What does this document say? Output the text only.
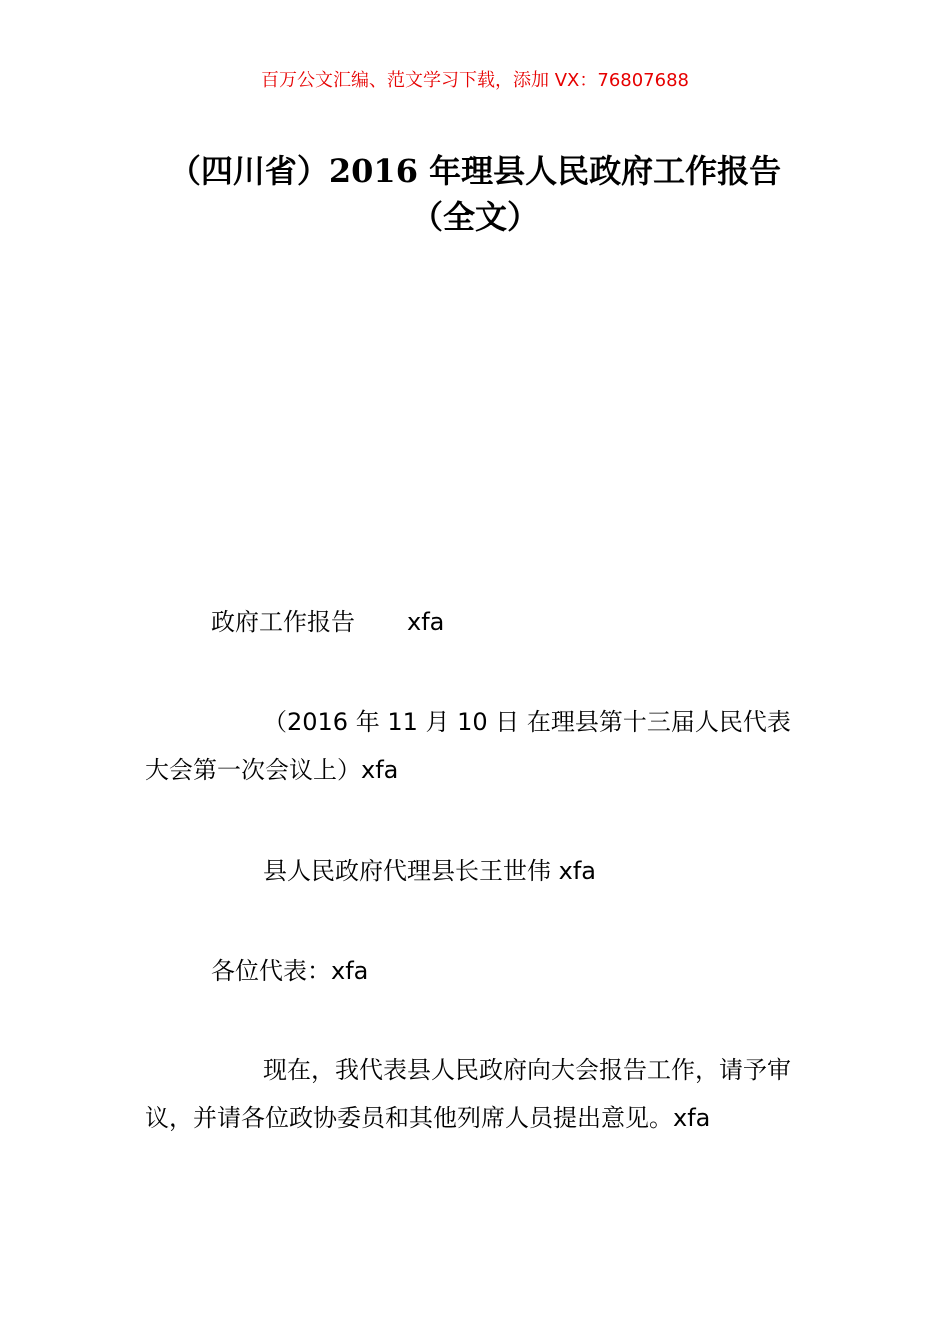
百万公文汇编、范文学习下载，添加 VX：76807688
（四川省）2016 年理县人民政府工作报告
（全文）

政府工作报告 xfa

（2016 年 11 月 10 日 在理县第十三届人民代表大会第一次会议上）xfa

县人民政府代理县长王世伟 xfa

各位代表：xfa

现在，我代表县人民政府向大会报告工作，请予审议，并请各位政协委员和其他列席人员提出意见。xfa
